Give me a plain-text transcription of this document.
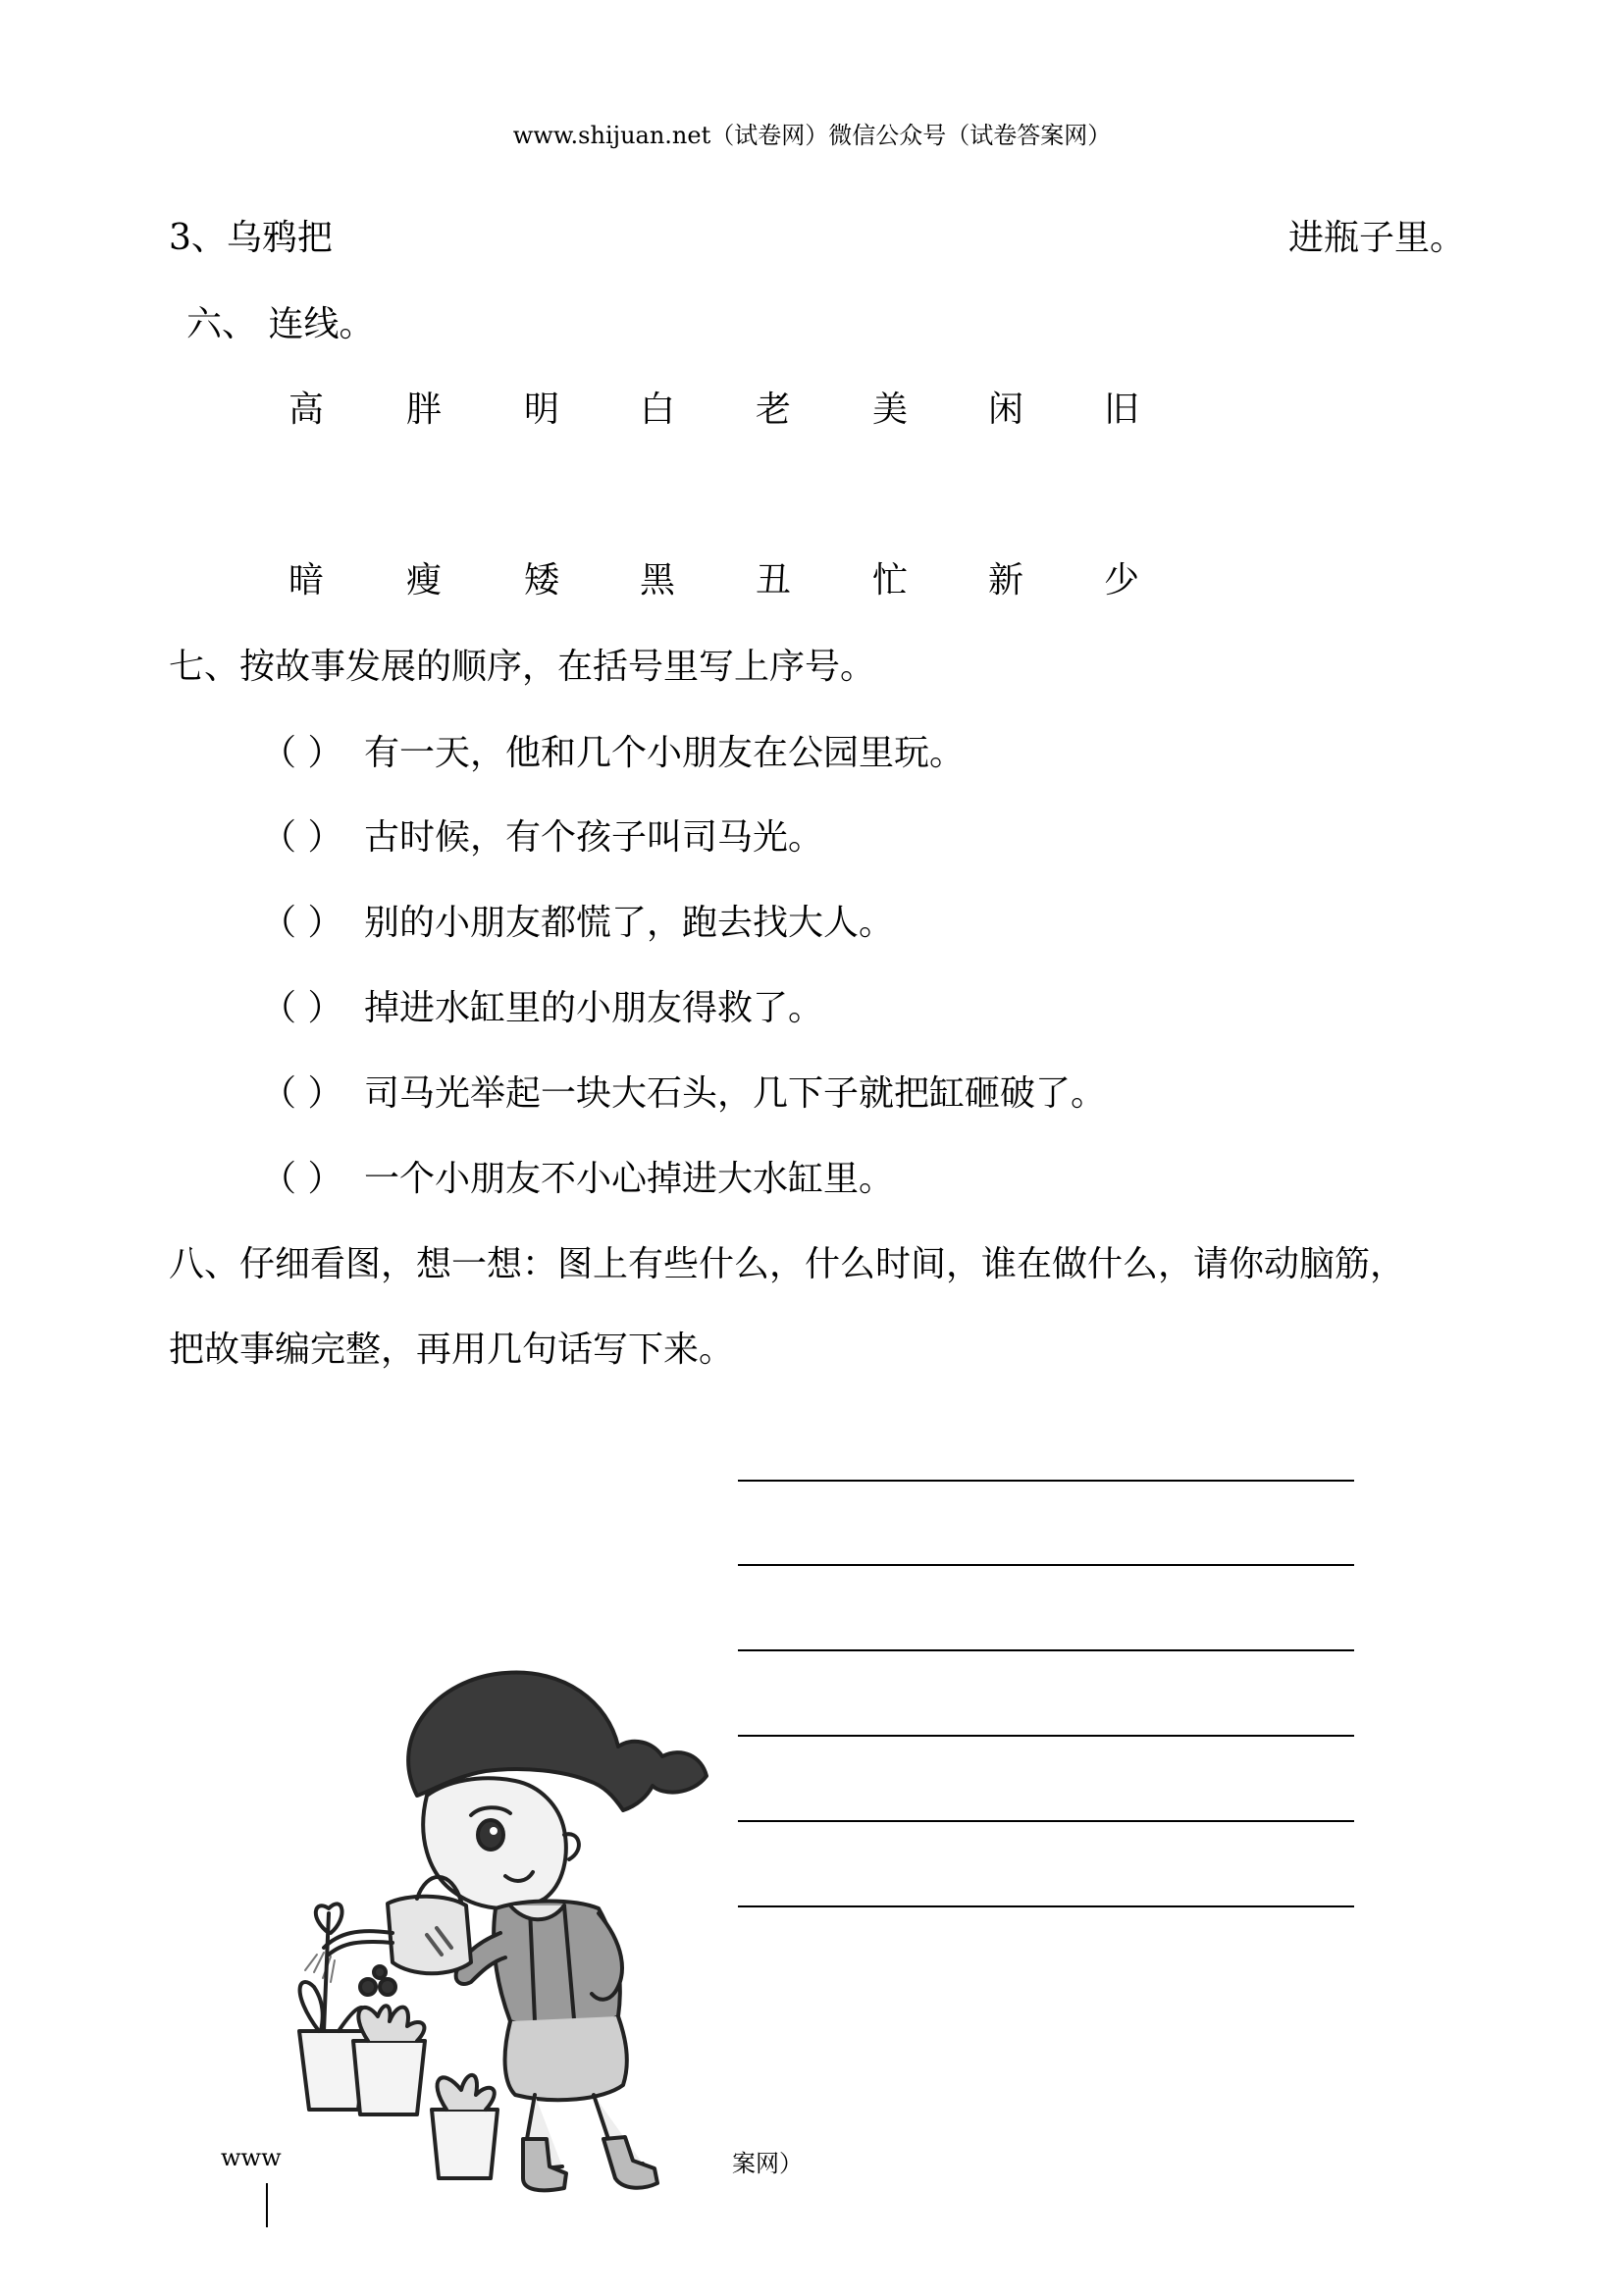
www.shijuan.net（试卷网）微信公众号（试卷答案网）
3、乌鸦把	进瓶子里。
六、 连线。
高 胖 明 白 老 美 闲 旧
暗 瘦 矮 黑 丑 忙 新 少
七、按故事发展的顺序，在括号里写上序号。
（ ） 有一天，他和几个小朋友在公园里玩。
（ ） 古时候，有个孩子叫司马光。
（ ） 别的小朋友都慌了，跑去找大人。
（ ） 掉进水缸里的小朋友得救了。
（ ） 司马光举起一块大石头，几下子就把缸砸破了。
（ ） 一个小朋友不小心掉进大水缸里。
八、仔细看图，想一想：图上有些什么，什么时间，谁在做什么，请你动脑筋，
把故事编完整，再用几句话写下来。
www	案网）
